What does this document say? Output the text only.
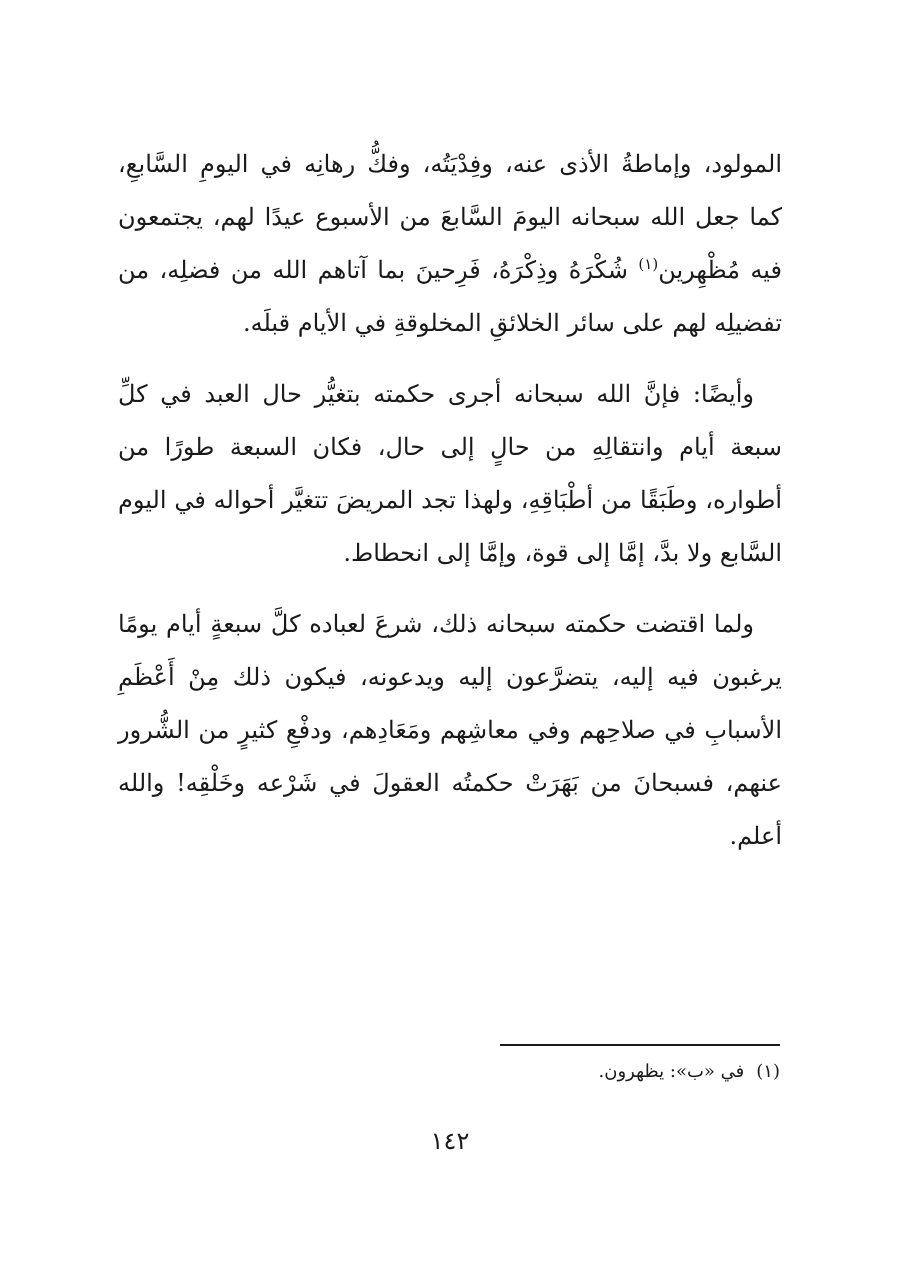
المولود، وإماطةُ الأذى عنه، وفِدْيَتُه، وفكُّ رهانِه في اليومِ السَّابعِ، كما جعل الله سبحانه اليومَ السَّابعَ من الأسبوع عيدًا لهم، يجتمعون فيه مُظْهِرين$^{(١)}$ شُكْرَهُ وذِكْرَهُ، فَرِحينَ بما آتاهم الله من فضلِه، من تفضيلِه لهم على سائر الخلائقِ المخلوقةِ في الأيام قبلَه.

وأيضًا: فإنَّ الله سبحانه أجرى حكمته بتغيُّر حال العبد في كلِّ سبعة أيام وانتقالِهِ من حالٍ إلى حال، فكان السبعة طورًا من أطواره، وطَبَقًا من أطْبَاقِهِ، ولهذا تجد المريضَ تتغيَّر أحواله في اليوم السَّابع ولا بدَّ، إمَّا إلى قوة، وإمَّا إلى انحطاط.

ولما اقتضت حكمته سبحانه ذلك، شرعَ لعباده كلَّ سبعةٍ أيام يومًا يرغبون فيه إليه، يتضرَّعون إليه ويدعونه، فيكون ذلك مِنْ أَعْظَمِ الأسبابِ في صلاحِهم وفي معاشِهم ومَعَادِهم، ودفْعِ كثيرٍ من الشُّرور عنهم، فسبحانَ من بَهَرَتْ حكمتُه العقولَ في شَرْعه وخَلْقِه! والله أعلم.

(١)في «ب»: يظهرون.
١٤٢
